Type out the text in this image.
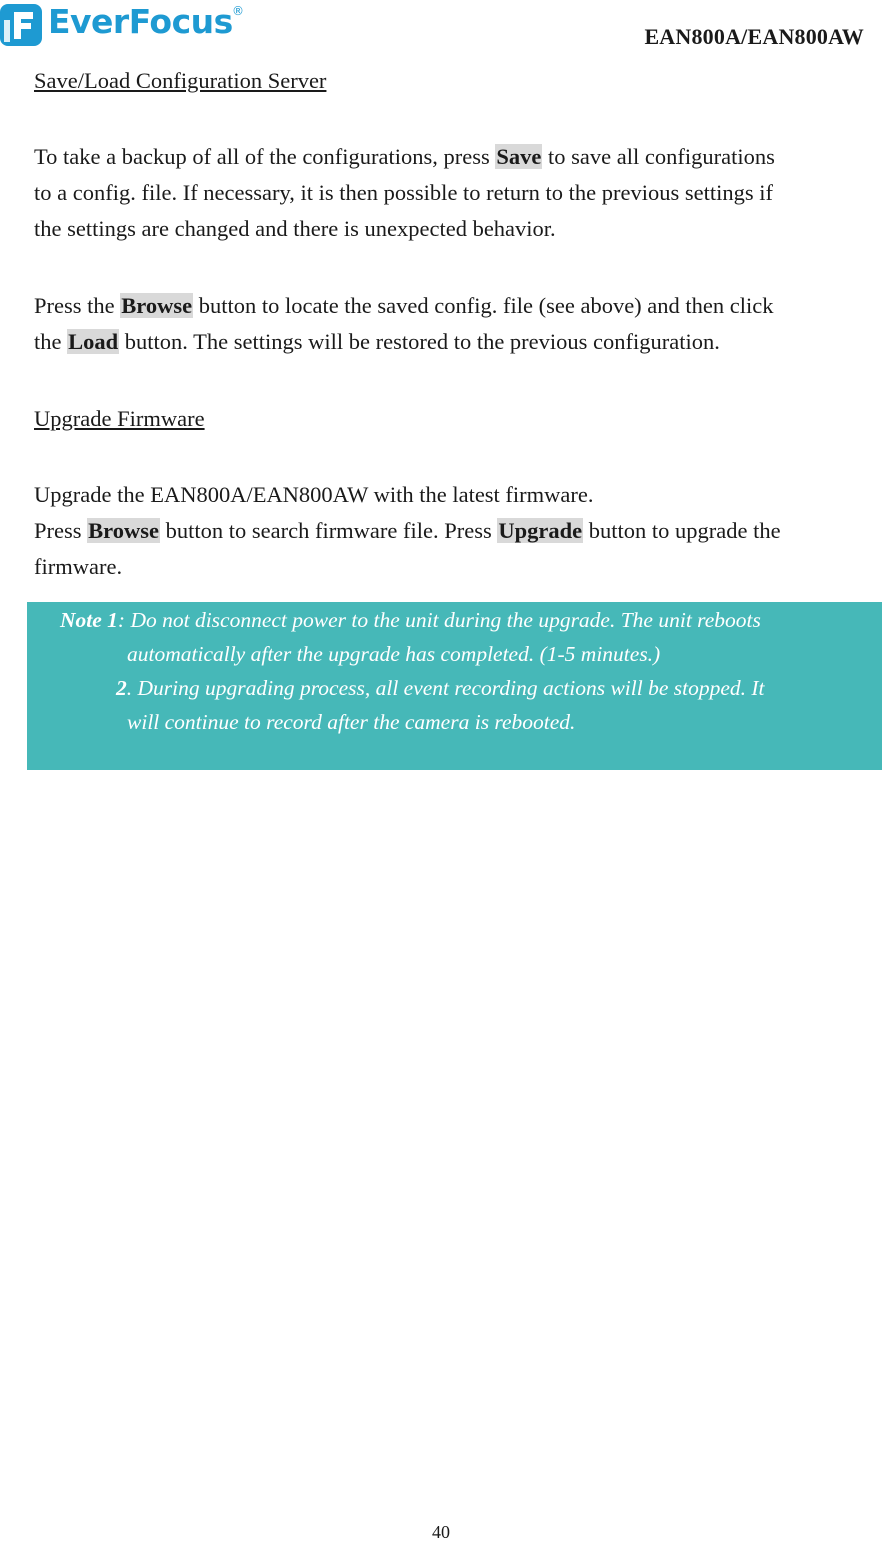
EverFocus ®
EAN800A/EAN800AW

Save/Load Configuration Server

To take a backup of all of the configurations, press Save to save all configurations
to a config. file. If necessary, it is then possible to return to the previous settings if
the settings are changed and there is unexpected behavior.

Press the Browse button to locate the saved config. file (see above) and then click
the Load button. The settings will be restored to the previous configuration.

Upgrade Firmware

Upgrade the EAN800A/EAN800AW with the latest firmware.
Press Browse button to search firmware file. Press Upgrade button to upgrade the
firmware.

Note 1: Do not disconnect power to the unit during the upgrade. The unit reboots
automatically after the upgrade has completed. (1-5 minutes.)
2. During upgrading process, all event recording actions will be stopped. It
will continue to record after the camera is rebooted.
40
